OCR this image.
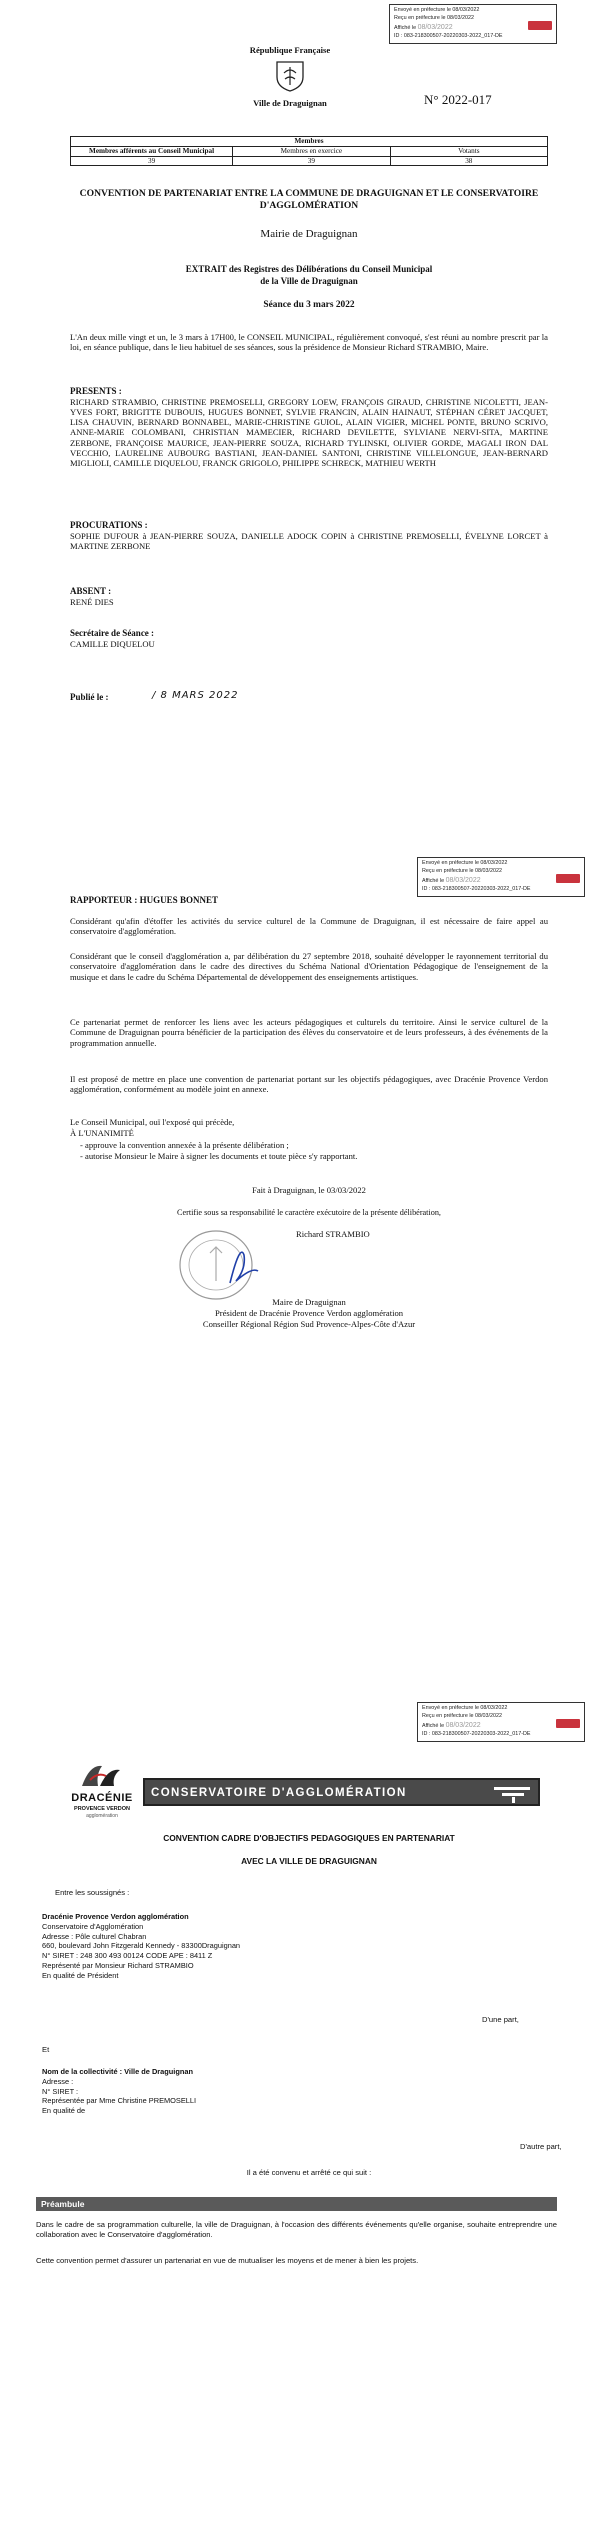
Envoyé en préfecture le 08/03/2022
Reçu en préfecture le 08/03/2022
Affiché le 08/03/2022
ID : 083-218300507-20220303-2022_017-DE
République Française
Ville de Draguignan	N° 2022-017
Membres		
Membres afférents au Conseil Municipal	Membres en exercice	Votants
39	39	38
CONVENTION DE PARTENARIAT ENTRE LA COMMUNE DE DRAGUIGNAN ET LE CONSERVATOIRE D'AGGLOMÉRATION
Mairie de Draguignan
EXTRAIT des Registres des Délibérations du Conseil Municipal
de la Ville de Draguignan
Séance du 3 mars 2022
L'An deux mille vingt et un, le 3 mars à 17H00, le CONSEIL MUNICIPAL, régulièrement convoqué, s'est réuni au nombre prescrit par la loi, en séance publique, dans le lieu habituel de ses séances, sous la présidence de Monsieur Richard STRAMBIO, Maire.
PRESENTS :
RICHARD STRAMBIO, CHRISTINE PREMOSELLI, GREGORY LOEW, FRANÇOIS GIRAUD, CHRISTINE NICOLETTI, JEAN-YVES FORT, BRIGITTE DUBOUIS, HUGUES BONNET, SYLVIE FRANCIN, ALAIN HAINAUT, STÉPHAN CÉRET JACQUET, LISA CHAUVIN, BERNARD BONNABEL, MARIE-CHRISTINE GUIOL, ALAIN VIGIER, MICHEL PONTE, BRUNO SCRIVO, ANNE-MARIE COLOMBANI, CHRISTIAN MAMECIER, RICHARD DEVILETTE, SYLVIANE NERVI-SITA, MARTINE ZERBONE, FRANÇOISE MAURICE, JEAN-PIERRE SOUZA, RICHARD TYLINSKI, OLIVIER GORDE, MAGALI IRON DAL VECCHIO, LAURELINE AUBOURG BASTIANI, JEAN-DANIEL SANTONI, CHRISTINE VILLELONGUE, JEAN-BERNARD MIGLIOLI, CAMILLE DIQUELOU, FRANCK GRIGOLO, PHILIPPE SCHRECK, MATHIEU WERTH
PROCURATIONS :
SOPHIE DUFOUR à JEAN-PIERRE SOUZA, DANIELLE ADOCK COPIN à CHRISTINE PREMOSELLI, ÉVELYNE LORCET à MARTINE ZERBONE
ABSENT :
RENÉ DIES
Secrétaire de Séance :
CAMILLE DIQUELOU
Publié le :	/ 8 MARS 2022
Envoyé en préfecture le 08/03/2022
Reçu en préfecture le 08/03/2022
Affiché le 08/03/2022
ID : 083-218300507-20220303-2022_017-DE
RAPPORTEUR : HUGUES BONNET
Considérant qu'afin d'étoffer les activités du service culturel de la Commune de Draguignan, il est nécessaire de faire appel au conservatoire d'agglomération.
Considérant que le conseil d'agglomération a, par délibération du 27 septembre 2018, souhaité développer le rayonnement territorial du conservatoire d'agglomération dans le cadre des directives du Schéma National d'Orientation Pédagogique de l'enseignement de la musique et dans le cadre du Schéma Départemental de développement des enseignements artistiques.
Ce partenariat permet de renforcer les liens avec les acteurs pédagogiques et culturels du territoire. Ainsi le service culturel de la Commune de Draguignan pourra bénéficier de la participation des élèves du conservatoire et de leurs professeurs, à des événements de la programmation annuelle.
Il est proposé de mettre en place une convention de partenariat portant sur les objectifs pédagogiques, avec Dracénie Provence Verdon agglomération, conformément au modèle joint en annexe.
Le Conseil Municipal, ouï l'exposé qui précède,
À L'UNANIMITÉ
- approuve la convention annexée à la présente délibération ;
- autorise Monsieur le Maire à signer les documents et toute pièce s'y rapportant.
Fait à Draguignan, le 03/03/2022
Certifie sous sa responsabilité le caractère exécutoire de la présente délibération,
Richard STRAMBIO
Maire de Draguignan
Président de Dracénie Provence Verdon agglomération
Conseiller Régional Région Sud Provence-Alpes-Côte d'Azur
Envoyé en préfecture le 08/03/2022
Reçu en préfecture le 08/03/2022
Affiché le 08/03/2022
ID : 083-218300507-20220303-2022_017-DE
DRACÉNIE
PROVENCE VERDON
agglomération
CONSERVATOIRE D'AGGLOMÉRATION
CONVENTION CADRE D'OBJECTIFS PEDAGOGIQUES EN PARTENARIAT
AVEC LA VILLE DE DRAGUIGNAN
Entre les soussignés :
Dracénie Provence Verdon agglomération
Conservatoire d'Agglomération
Adresse : Pôle culturel Chabran
660, boulevard John Fitzgerald Kennedy - 83300Draguignan
N° SIRET : 248 300 493 00124 CODE APE : 8411 Z
Représenté par Monsieur Richard STRAMBIO
En qualité de Président
D'une part,
Et
Nom de la collectivité : Ville de Draguignan
Adresse :
N° SIRET :
Représentée par Mme Christine PREMOSELLI
En qualité de
D'autre part,
Il a été convenu et arrêté ce qui suit :
Préambule
Dans le cadre de sa programmation culturelle, la ville de Draguignan, à l'occasion des différents événements qu'elle organise, souhaite entreprendre une collaboration avec le Conservatoire d'agglomération.
Cette convention permet d'assurer un partenariat en vue de mutualiser les moyens et de mener à bien les projets.
